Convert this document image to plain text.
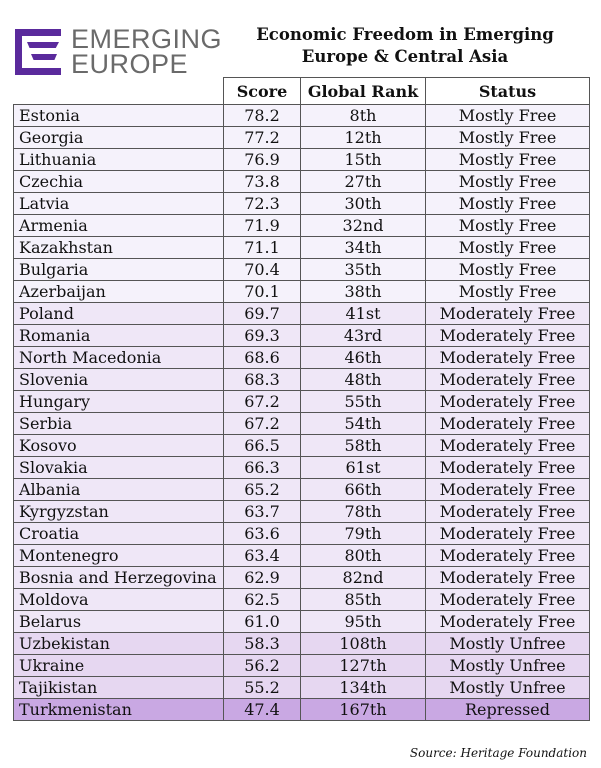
EMERGING
EUROPE
Economic Freedom in Emerging
Europe & Central Asia
	Score	Global Rank	Status
Estonia	78.2	8th	Mostly Free
Georgia	77.2	12th	Mostly Free
Lithuania	76.9	15th	Mostly Free
Czechia	73.8	27th	Mostly Free
Latvia	72.3	30th	Mostly Free
Armenia	71.9	32nd	Mostly Free
Kazakhstan	71.1	34th	Mostly Free
Bulgaria	70.4	35th	Mostly Free
Azerbaijan	70.1	38th	Mostly Free
Poland	69.7	41st	Moderately Free
Romania	69.3	43rd	Moderately Free
North Macedonia	68.6	46th	Moderately Free
Slovenia	68.3	48th	Moderately Free
Hungary	67.2	55th	Moderately Free
Serbia	67.2	54th	Moderately Free
Kosovo	66.5	58th	Moderately Free
Slovakia	66.3	61st	Moderately Free
Albania	65.2	66th	Moderately Free
Kyrgyzstan	63.7	78th	Moderately Free
Croatia	63.6	79th	Moderately Free
Montenegro	63.4	80th	Moderately Free
Bosnia and Herzegovina	62.9	82nd	Moderately Free
Moldova	62.5	85th	Moderately Free
Belarus	61.0	95th	Moderately Free
Uzbekistan	58.3	108th	Mostly Unfree
Ukraine	56.2	127th	Mostly Unfree
Tajikistan	55.2	134th	Mostly Unfree
Turkmenistan	47.4	167th	Repressed
Source: Heritage Foundation
